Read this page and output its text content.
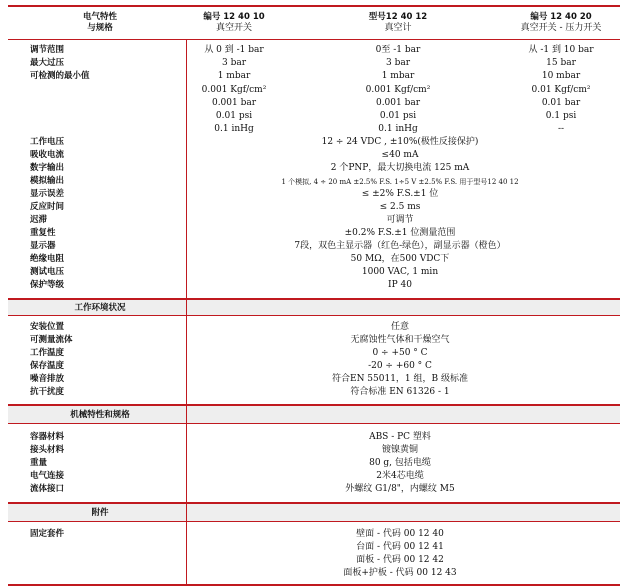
电气特性
与规格
编号 12 40 10
真空开关
型号12 40 12
真空计
编号 12 40 20
真空开关 - 压力开关
调节范围
最大过压
可检测的最小值
工作电压
吸收电流
数字输出
模拟输出
显示误差
反应时间
迟滞
重复性
显示器
绝缘电阻
测试电压
保护等级
从 0 到 -1 bar
3 bar
1 mbar
0.001 Kgf/cm²
0.001 bar
0.01 psi
0.1 inHg
0至 -1 bar
3 bar
1 mbar
0.001 Kgf/cm²
0.001 bar
0.01 psi
0.1 inHg
从 -1 到 10 bar
15 bar
10 mbar
0.01 Kgf/cm²
0.01 bar
0.1 psi
--
12 ÷ 24 VDC , ±10%(极性反接保护)
≤40 mA
2 个PNP，最大切换电流 125 mA
1 个模拟, 4 ÷ 20 mA ±2.5% F.S. 1÷5 V ±2.5% F.S. 用于型号12 40 12
≤ ±2% F.S.±1 位
≤ 2.5 ms
可调节
±0.2% F.S.±1 位测量范围
7段，双色主显示器（红色-绿色），副显示器（橙色）
50 MΩ，在500 VDC下
1000 VAC, 1 min
IP 40
工作环境状况
安装位置
可测量流体
工作温度
保存温度
噪音排放
抗干扰度
任意
无腐蚀性气体和干燥空气
0 ÷ +50 ° C
-20 ÷ +60 ° C
符合EN 55011，1 组，B 级标准
符合标准 EN 61326 - 1
机械特性和规格
容器材料
接头材料
重量
电气连接
流体接口
ABS - PC 塑料
镀镍黄铜
80 g, 包括电缆
2米4芯电缆
外螺纹 G1/8"，内螺纹 M5
附件
固定套件	壁面 - 代码 00 12 40
台面 - 代码 00 12 41
面板 - 代码 00 12 42
面板+护板 - 代码 00 12 43
